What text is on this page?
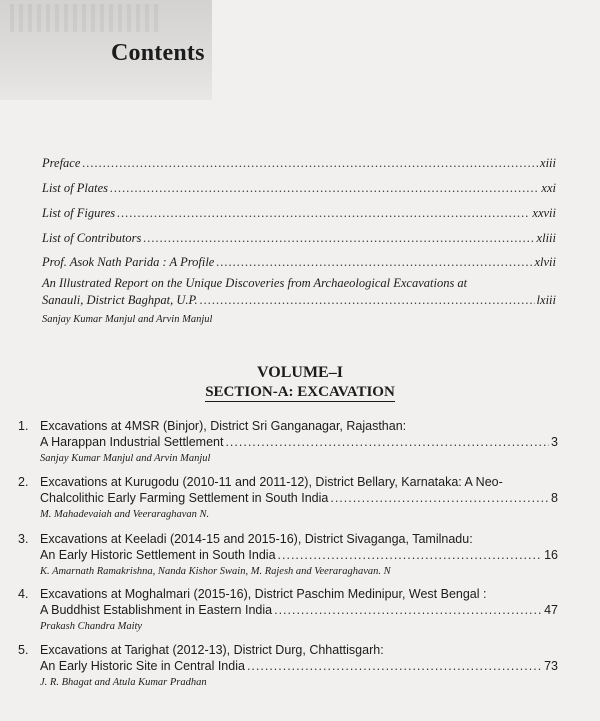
Contents
Preface .....	xiii
List of Plates .....	xxi
List of Figures .....	xxvii
List of Contributors .....	xliii
Prof. Asok Nath Parida : A Profile .....	xlvii
An Illustrated Report on the Unique Discoveries from Archaeological Excavations at
Sanauli, District Baghpat, U.P. .....	lxiii
Sanjay Kumar Manjul and Arvin Manjul
VOLUME–I
SECTION-A: EXCAVATION
1. Excavations at 4MSR (Binjor), District Sri Ganganagar, Rajasthan:
A Harappan Industrial Settlement .....	3
Sanjay Kumar Manjul and Arvin Manjul
2. Excavations at Kurugodu (2010-11 and 2011-12), District Bellary, Karnataka: A Neo-
Chalcolithic Early Farming Settlement in South India .....	8
M. Mahadevaiah and Veeraraghavan N.
3. Excavations at Keeladi (2014-15 and 2015-16), District Sivaganga, Tamilnadu:
An Early Historic Settlement in South India .....	16
K. Amarnath Ramakrishna, Nanda Kishor Swain, M. Rajesh and Veeraraghavan. N
4. Excavations at Moghalmari (2015-16), District Paschim Medinipur, West Bengal :
A Buddhist Establishment in Eastern India .....	47
Prakash Chandra Maity
5. Excavations at Tarighat (2012-13), District Durg, Chhattisgarh:
An Early Historic Site in Central India .....	73
J. R. Bhagat and Atula Kumar Pradhan
